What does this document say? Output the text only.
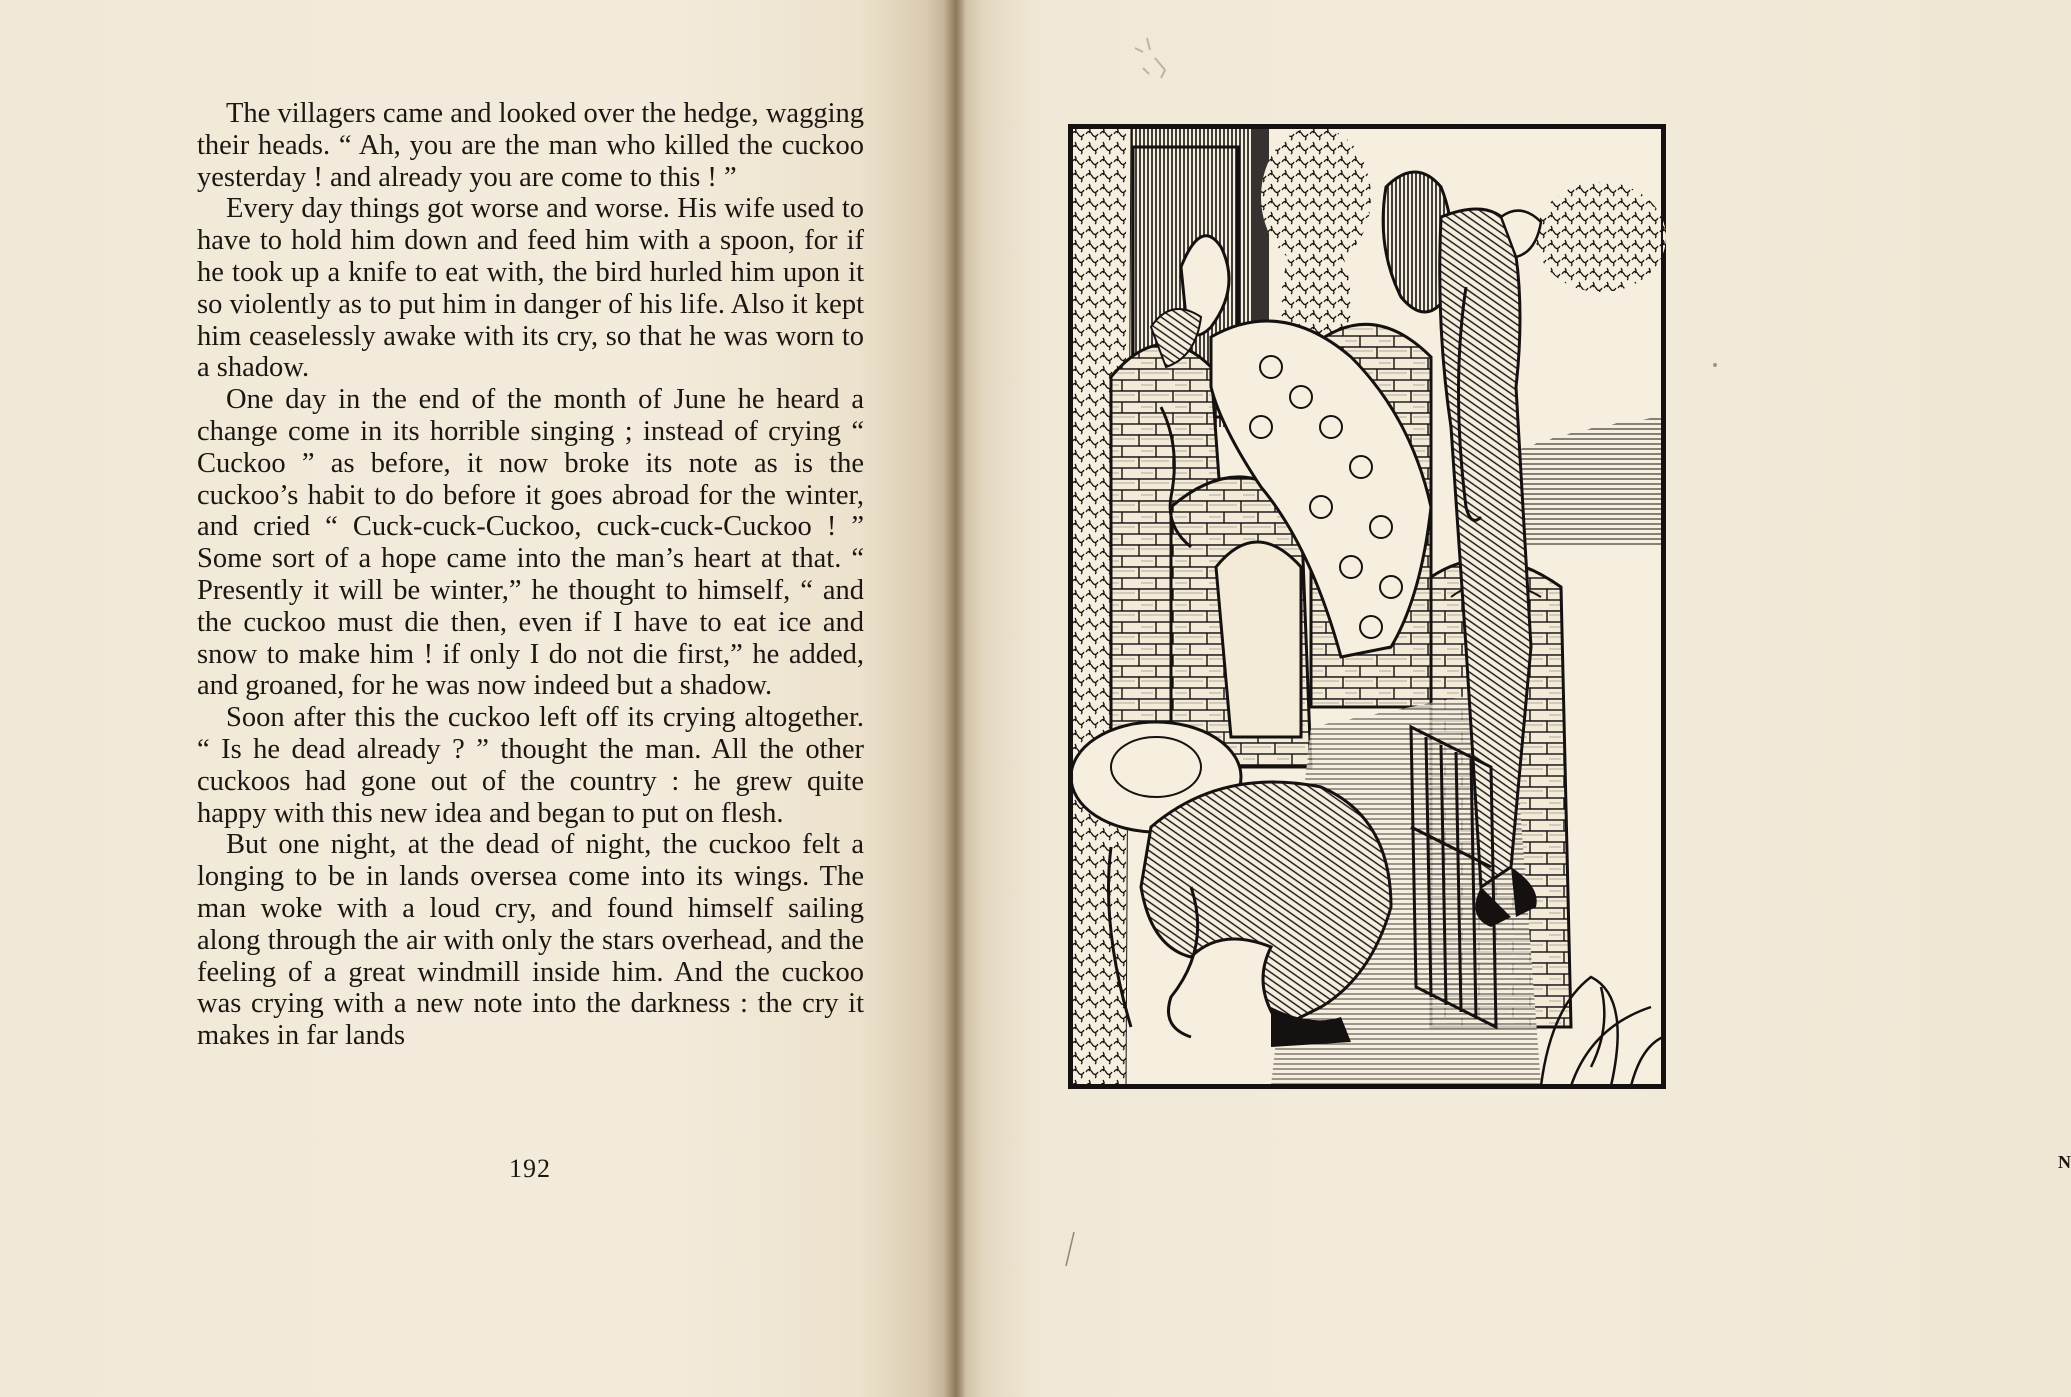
The villagers came and looked over the hedge, wagging their heads. “ Ah, you are the man who killed the cuckoo yesterday ! and already you are come to this ! ”

Every day things got worse and worse. His wife used to have to hold him down and feed him with a spoon, for if he took up a knife to eat with, the bird hurled him upon it so violently as to put him in danger of his life. Also it kept him ceaselessly awake with its cry, so that he was worn to a shadow.

One day in the end of the month of June he heard a change come in its horrible singing ; instead of crying “ Cuckoo ” as before, it now broke its note as is the cuckoo’s habit to do before it goes abroad for the winter, and cried “ Cuck-cuck-Cuckoo, cuck-cuck-Cuckoo ! ” Some sort of a hope came into the man’s heart at that. “ Presently it will be winter,” he thought to himself, “ and the cuckoo must die then, even if I have to eat ice and snow to make him ! if only I do not die first,” he added, and groaned, for he was now indeed but a shadow.

Soon after this the cuckoo left off its crying altogether. “ Is he dead already ? ” thought the man. All the other cuckoos had gone out of the country : he grew quite happy with this new idea and began to put on flesh.

But one night, at the dead of night, the cuckoo felt a longing to be in lands oversea come into its wings. The man woke with a loud cry, and found himself sailing along through the air with only the stars overhead, and the feeling of a great windmill inside him. And the cuckoo was crying with a new note into the darkness : the cry it makes in far lands

192	N
